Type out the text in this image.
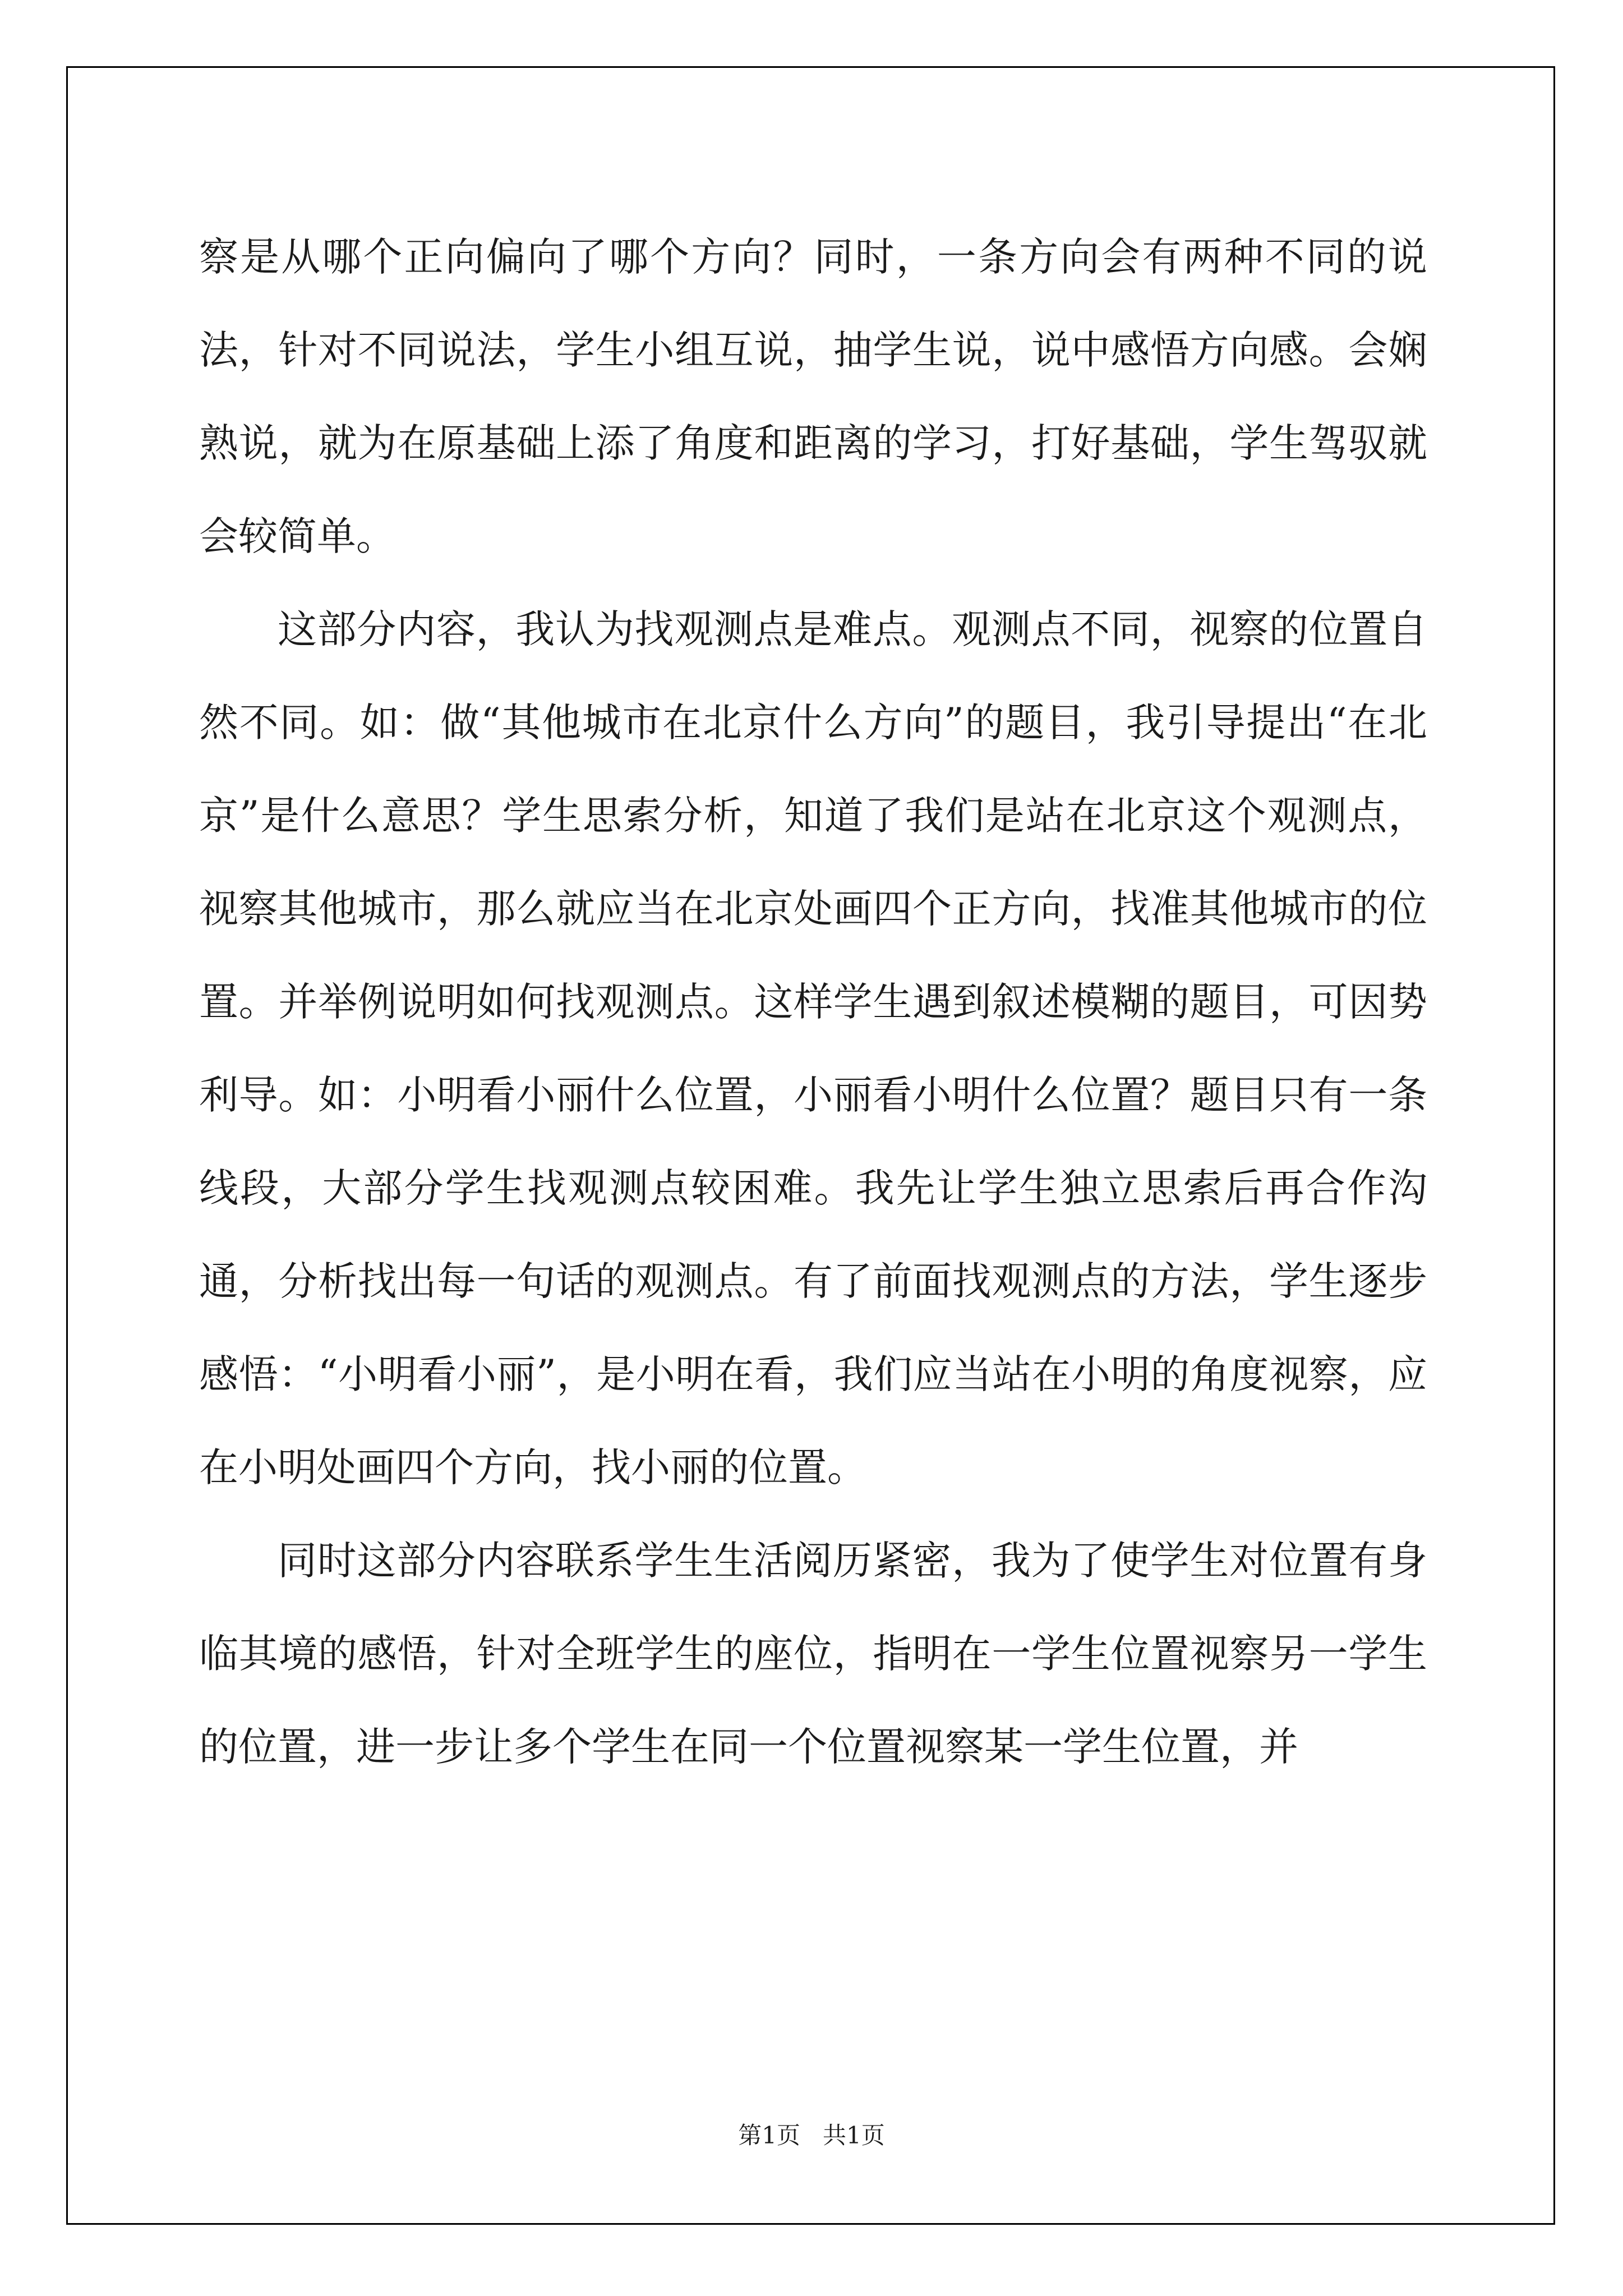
察是从哪个正向偏向了哪个方向？同时，一条方向会有两种不同的说法，针对不同说法，学生小组互说，抽学生说，说中感悟方向感。会娴熟说，就为在原基础上添了角度和距离的学习，打好基础，学生驾驭就会较简单。

这部分内容，我认为找观测点是难点。观测点不同，视察的位置自然不同。如：做“其他城市在北京什么方向”的题目，我引导提出“在北京”是什么意思？学生思索分析，知道了我们是站在北京这个观测点，视察其他城市，那么就应当在北京处画四个正方向，找准其他城市的位置。并举例说明如何找观测点。这样学生遇到叙述模糊的题目，可因势利导。如：小明看小丽什么位置，小丽看小明什么位置？题目只有一条线段，大部分学生找观测点较困难。我先让学生独立思索后再合作沟通，分析找出每一句话的观测点。有了前面找观测点的方法，学生逐步感悟：“小明看小丽”，是小明在看，我们应当站在小明的角度视察，应在小明处画四个方向，找小丽的位置。

同时这部分内容联系学生生活阅历紧密，我为了使学生对位置有身临其境的感悟，针对全班学生的座位，指明在一学生位置视察另一学生的位置，进一步让多个学生在同一个位置视察某一学生位置，并

第1页 共1页
